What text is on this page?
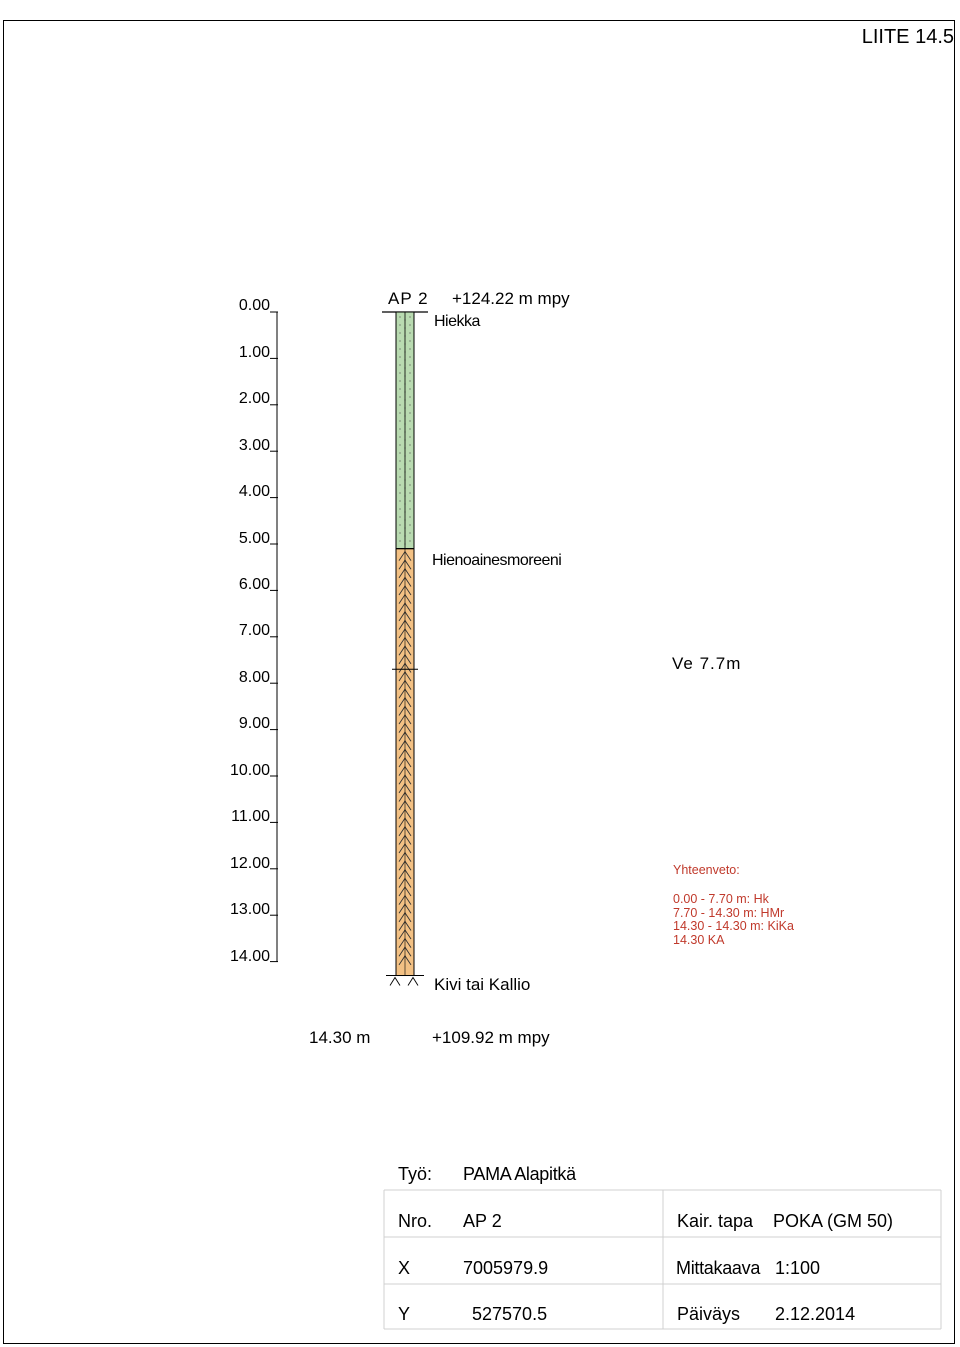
LIITE 14.5
0.00
1.00
2.00
3.00
4.00
5.00
6.00
7.00
8.00
9.00
10.00
11.00
12.00
13.00
14.00
AP 2 +124.22 m mpy
Hiekka
Hienoainesmoreeni
Kivi tai Kallio
Ve 7.7m
Yhteenveto:
0.00 - 7.70 m: Hk
7.70 - 14.30 m: HMr
14.30 - 14.30 m: KiKa
14.30 KA
14.30 m	+109.92 m mpy
Työ: PAMA Alapitkä
Nro. AP 2	Kair. tapa POKA (GM 50)
X	7005979.9	Mittakaava 1:100
Y	527570.5	Päiväys 2.12.2014
